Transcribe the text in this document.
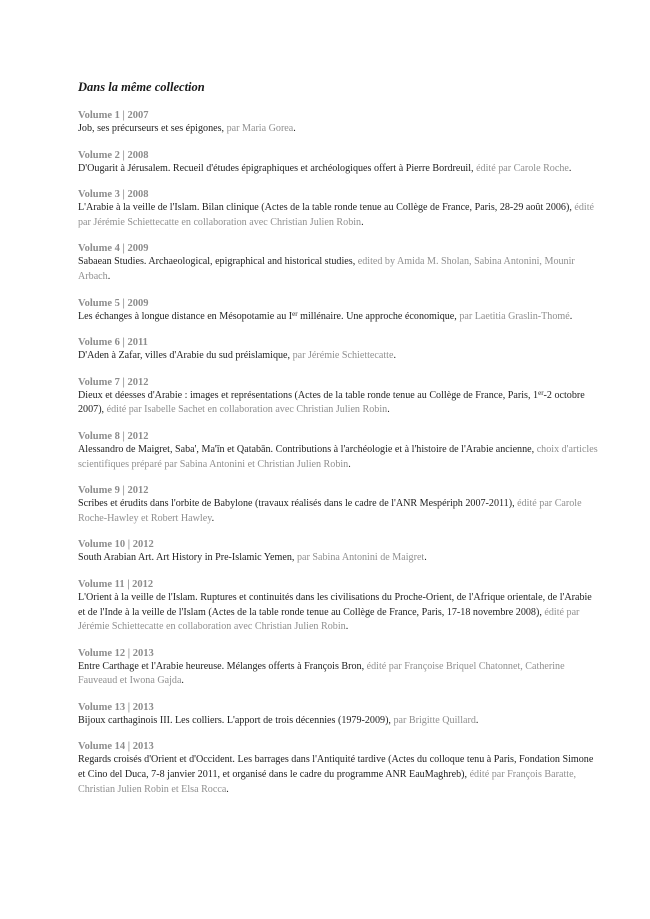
Dans la même collection
Volume 1 | 2007
Job, ses précurseurs et ses épigones, par Maria Gorea.
Volume 2 | 2008
D'Ougarit à Jérusalem. Recueil d'études épigraphiques et archéologiques offert à Pierre Bordreuil, édité par Carole Roche.
Volume 3 | 2008
L'Arabie à la veille de l'Islam. Bilan clinique (Actes de la table ronde tenue au Collège de France, Paris, 28-29 août 2006), édité par Jérémie Schiettecatte en collaboration avec Christian Julien Robin.
Volume 4 | 2009
Sabaean Studies. Archaeological, epigraphical and historical studies, edited by Amida M. Sholan, Sabina Antonini, Mounir Arbach.
Volume 5 | 2009
Les échanges à longue distance en Mésopotamie au Ier millénaire. Une approche économique, par Laetitia Graslin-Thomé.
Volume 6 | 2011
D'Aden à Zafar, villes d'Arabie du sud préislamique, par Jérémie Schiettecatte.
Volume 7 | 2012
Dieux et déesses d'Arabie : images et représentations (Actes de la table ronde tenue au Collège de France, Paris, 1er-2 octobre 2007), édité par Isabelle Sachet en collaboration avec Christian Julien Robin.
Volume 8 | 2012
Alessandro de Maigret, Saba', Ma'īn et Qatabān. Contributions à l'archéologie et à l'histoire de l'Arabie ancienne, choix d'articles scientifiques préparé par Sabina Antonini et Christian Julien Robin.
Volume 9 | 2012
Scribes et érudits dans l'orbite de Babylone (travaux réalisés dans le cadre de l'ANR Mespériph 2007-2011), édité par Carole Roche-Hawley et Robert Hawley.
Volume 10 | 2012
South Arabian Art. Art History in Pre-Islamic Yemen, par Sabina Antonini de Maigret.
Volume 11 | 2012
L'Orient à la veille de l'Islam. Ruptures et continuités dans les civilisations du Proche-Orient, de l'Afrique orientale, de l'Arabie et de l'Inde à la veille de l'Islam (Actes de la table ronde tenue au Collège de France, Paris, 17-18 novembre 2008), édité par Jérémie Schiettecatte en collaboration avec Christian Julien Robin.
Volume 12 | 2013
Entre Carthage et l'Arabie heureuse. Mélanges offerts à François Bron, édité par Françoise Briquel Chatonnet, Catherine Fauveaud et Iwona Gajda.
Volume 13 | 2013
Bijoux carthaginois III. Les colliers. L'apport de trois décennies (1979-2009), par Brigitte Quillard.
Volume 14 | 2013
Regards croisés d'Orient et d'Occident. Les barrages dans l'Antiquité tardive (Actes du colloque tenu à Paris, Fondation Simone et Cino del Duca, 7-8 janvier 2011, et organisé dans le cadre du programme ANR EauMaghreb), édité par François Baratte, Christian Julien Robin et Elsa Rocca.
